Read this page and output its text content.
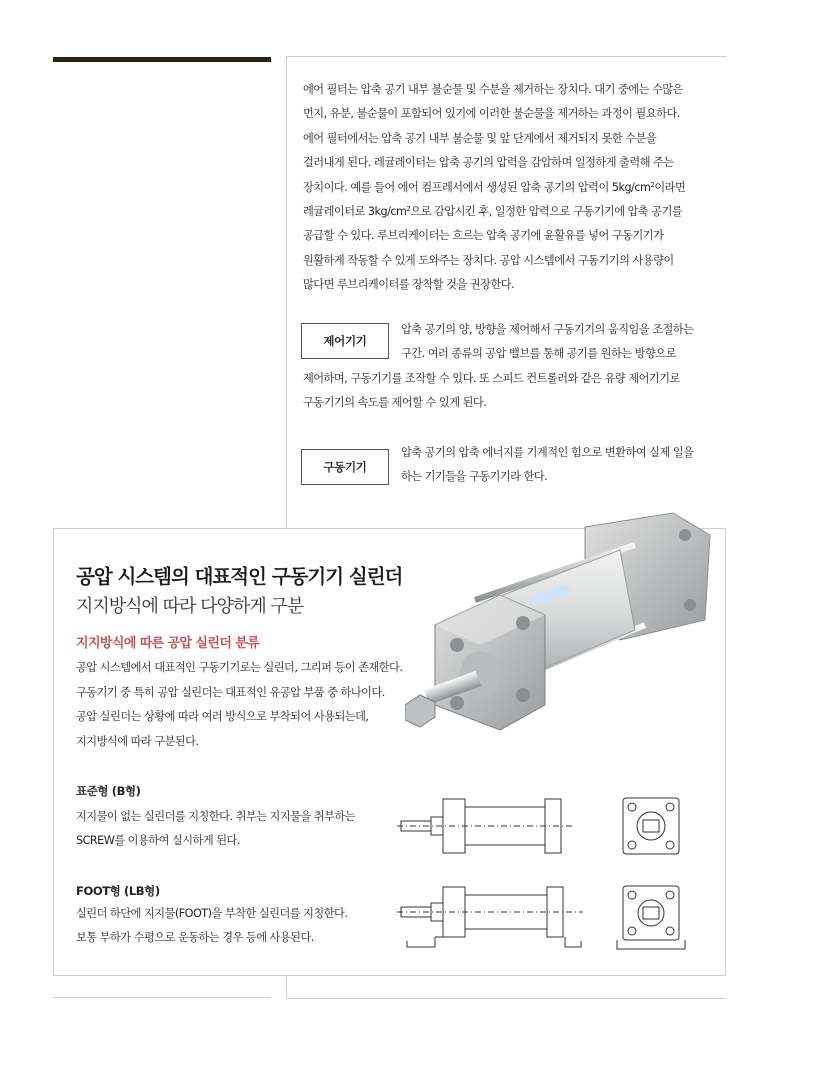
에어 필터는 압축 공기 내부 불순물 및 수분을 제거하는 장치다. 대기 중에는 수많은

먼지, 유분, 불순물이 포함되어 있기에 이러한 불순물을 제거하는 과정이 필요하다.

에어 필터에서는 압축 공기 내부 불순물 및 앞 단계에서 제거되지 못한 수분을

걸러내게 된다. 레귤레이터는 압축 공기의 압력을 감압하며 일정하게 출력해 주는

장치이다. 예를 들어 에어 컴프레서에서 생성된 압축 공기의 압력이 $5kg/cm^2$이라면

레귤레이터로 $3kg/cm^2$으로 감압시킨 후, 일정한 압력으로 구동기기에 압축 공기를

공급할 수 있다. 루브리케이터는 흐르는 압축 공기에 윤활유를 넣어 구동기기가

원활하게 작동할 수 있게 도와주는 장치다. 공압 시스템에서 구동기기의 사용량이

많다면 루브리케이터를 장착할 것을 권장한다.

제어기기

압축 공기의 양, 방향을 제어해서 구동기기의 움직임을 조절하는

구간. 여러 종류의 공압 밸브를 통해 공기를 원하는 방향으로

제어하며, 구동기기를 조작할 수 있다. 또 스피드 컨트롤러와 같은 유량 제어기기로

구동기기의 속도를 제어할 수 있게 된다.

구동기기

압축 공기의 압축 에너지를 기계적인 힘으로 변환하여 실제 일을

하는 기기들을 구동기기라 한다.

공압 시스템의 대표적인 구동기기 실린더
지지방식에 따라 다양하게 구분
지지방식에 따른 공압 실린더 분류

공압 시스템에서 대표적인 구동기기로는 실린더, 그리퍼 등이 존재한다.

구동기기 중 특히 공압 실린더는 대표적인 유공압 부품 중 하나이다.

공압 실린더는 상황에 따라 여러 방식으로 부착되어 사용되는데,

지지방식에 따라 구분된다.

표준형 (B형)

지지물이 없는 실린더를 지칭한다. 취부는 지지물을 취부하는

SCREW를 이용하여 실시하게 된다.

FOOT형 (LB형)

실린더 하단에 지지물(FOOT)을 부착한 실린더를 지칭한다.

보통 부하가 수평으로 운동하는 경우 등에 사용된다.
